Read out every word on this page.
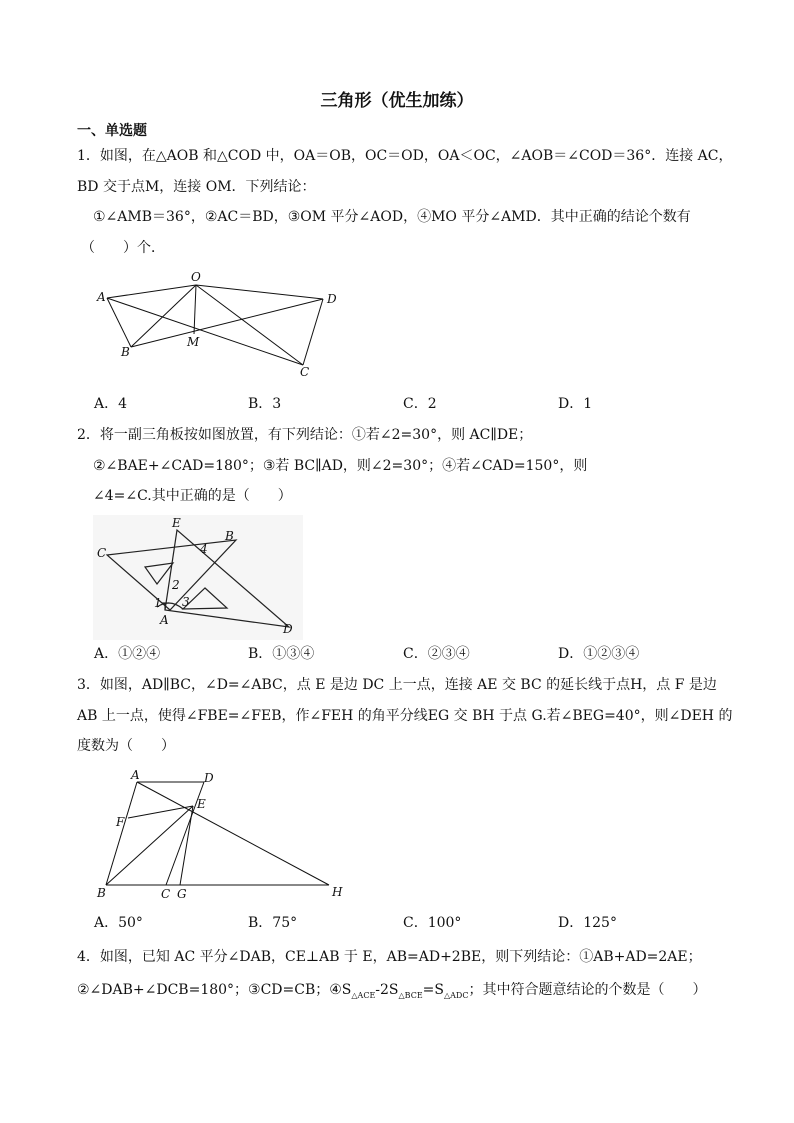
三角形（优生加练）
一、单选题
1．如图，在△AOB 和△COD 中，OA＝OB，OC＝OD，OA＜OC，∠AOB＝∠COD＝36°．连接 AC，
BD 交于点M，连接 OM．下列结论：
①∠AMB＝36°，②AC＝BD，③OM 平分∠AOD，④MO 平分∠AMD．其中正确的结论个数有
（　　）个．
O
A	D
B
M
C
A．4	B．3	C．2	D．1
2．将一副三角板按如图放置，有下列结论：①若∠2=30°，则 AC∥DE；
②∠BAE+∠CAD=180°；③若 BC∥AD，则∠2=30°；④若∠CAD=150°，则
∠4=∠C.其中正确的是（　　）
C
E
B
4
2
1 3
A
D
A．①②④	B．①③④	C．②③④	D．①②③④
3．如图，AD∥BC，∠D=∠ABC，点 E 是边 DC 上一点，连接 AE 交 BC 的延长线于点H，点 F 是边
AB 上一点，使得∠FBE=∠FEB，作∠FEH 的角平分线EG 交 BH 于点 G.若∠BEG=40°，则∠DEH 的
度数为（　　）
A	D
F
E
B	C G	H
A．50°	B．75°	C．100°	D．125°
4．如图，已知 AC 平分∠DAB，CE⊥AB 于 E，AB=AD+2BE，则下列结论：①AB+AD=2AE；
②∠DAB+∠DCB=180°；③CD=CB；$④S_{\triangle ACE}-2S_{\triangle BCE}=S_{\triangle ADC}$；其中符合题意结论的个数是（　　）
